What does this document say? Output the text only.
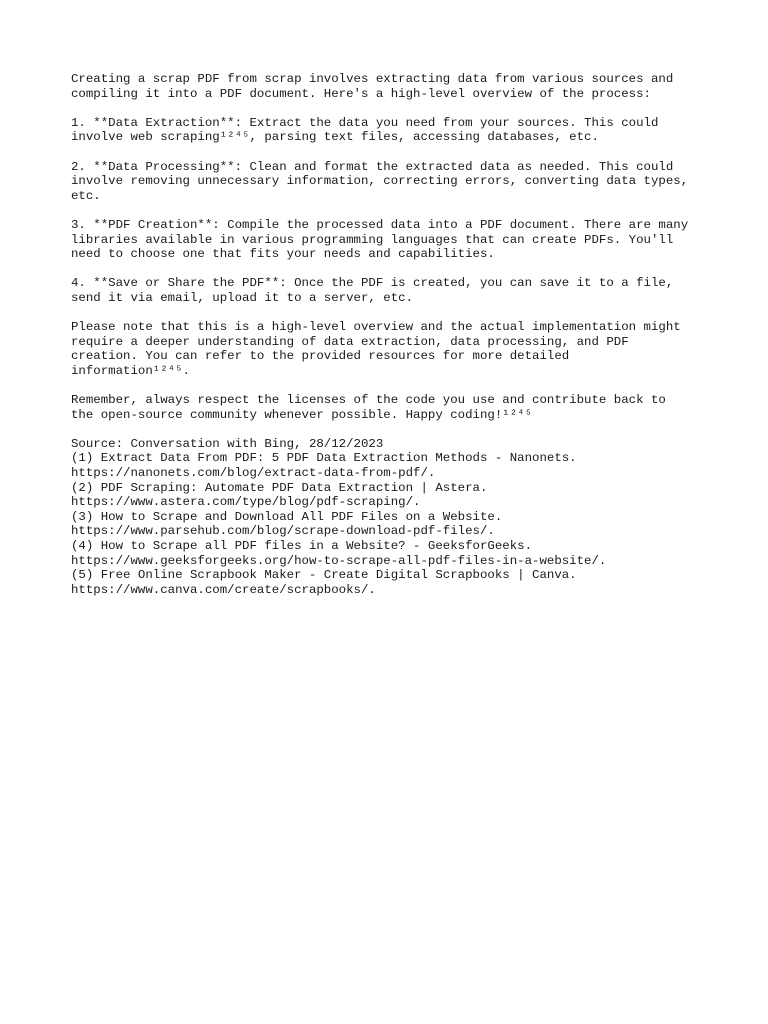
Creating a scrap PDF from scrap involves extracting data from various sources and
compiling it into a PDF document. Here's a high-level overview of the process:

1. **Data Extraction**: Extract the data you need from your sources. This could
involve web scraping¹²⁴⁵, parsing text files, accessing databases, etc.

2. **Data Processing**: Clean and format the extracted data as needed. This could
involve removing unnecessary information, correcting errors, converting data types,
etc.

3. **PDF Creation**: Compile the processed data into a PDF document. There are many
libraries available in various programming languages that can create PDFs. You'll
need to choose one that fits your needs and capabilities.

4. **Save or Share the PDF**: Once the PDF is created, you can save it to a file,
send it via email, upload it to a server, etc.

Please note that this is a high-level overview and the actual implementation might
require a deeper understanding of data extraction, data processing, and PDF
creation. You can refer to the provided resources for more detailed
information¹²⁴⁵.

Remember, always respect the licenses of the code you use and contribute back to
the open-source community whenever possible. Happy coding!¹²⁴⁵

Source: Conversation with Bing, 28/12/2023
(1) Extract Data From PDF: 5 PDF Data Extraction Methods - Nanonets.
https://nanonets.com/blog/extract-data-from-pdf/.
(2) PDF Scraping: Automate PDF Data Extraction | Astera.
https://www.astera.com/type/blog/pdf-scraping/.
(3) How to Scrape and Download All PDF Files on a Website.
https://www.parsehub.com/blog/scrape-download-pdf-files/.
(4) How to Scrape all PDF files in a Website? - GeeksforGeeks.
https://www.geeksforgeeks.org/how-to-scrape-all-pdf-files-in-a-website/.
(5) Free Online Scrapbook Maker - Create Digital Scrapbooks | Canva.
https://www.canva.com/create/scrapbooks/.
